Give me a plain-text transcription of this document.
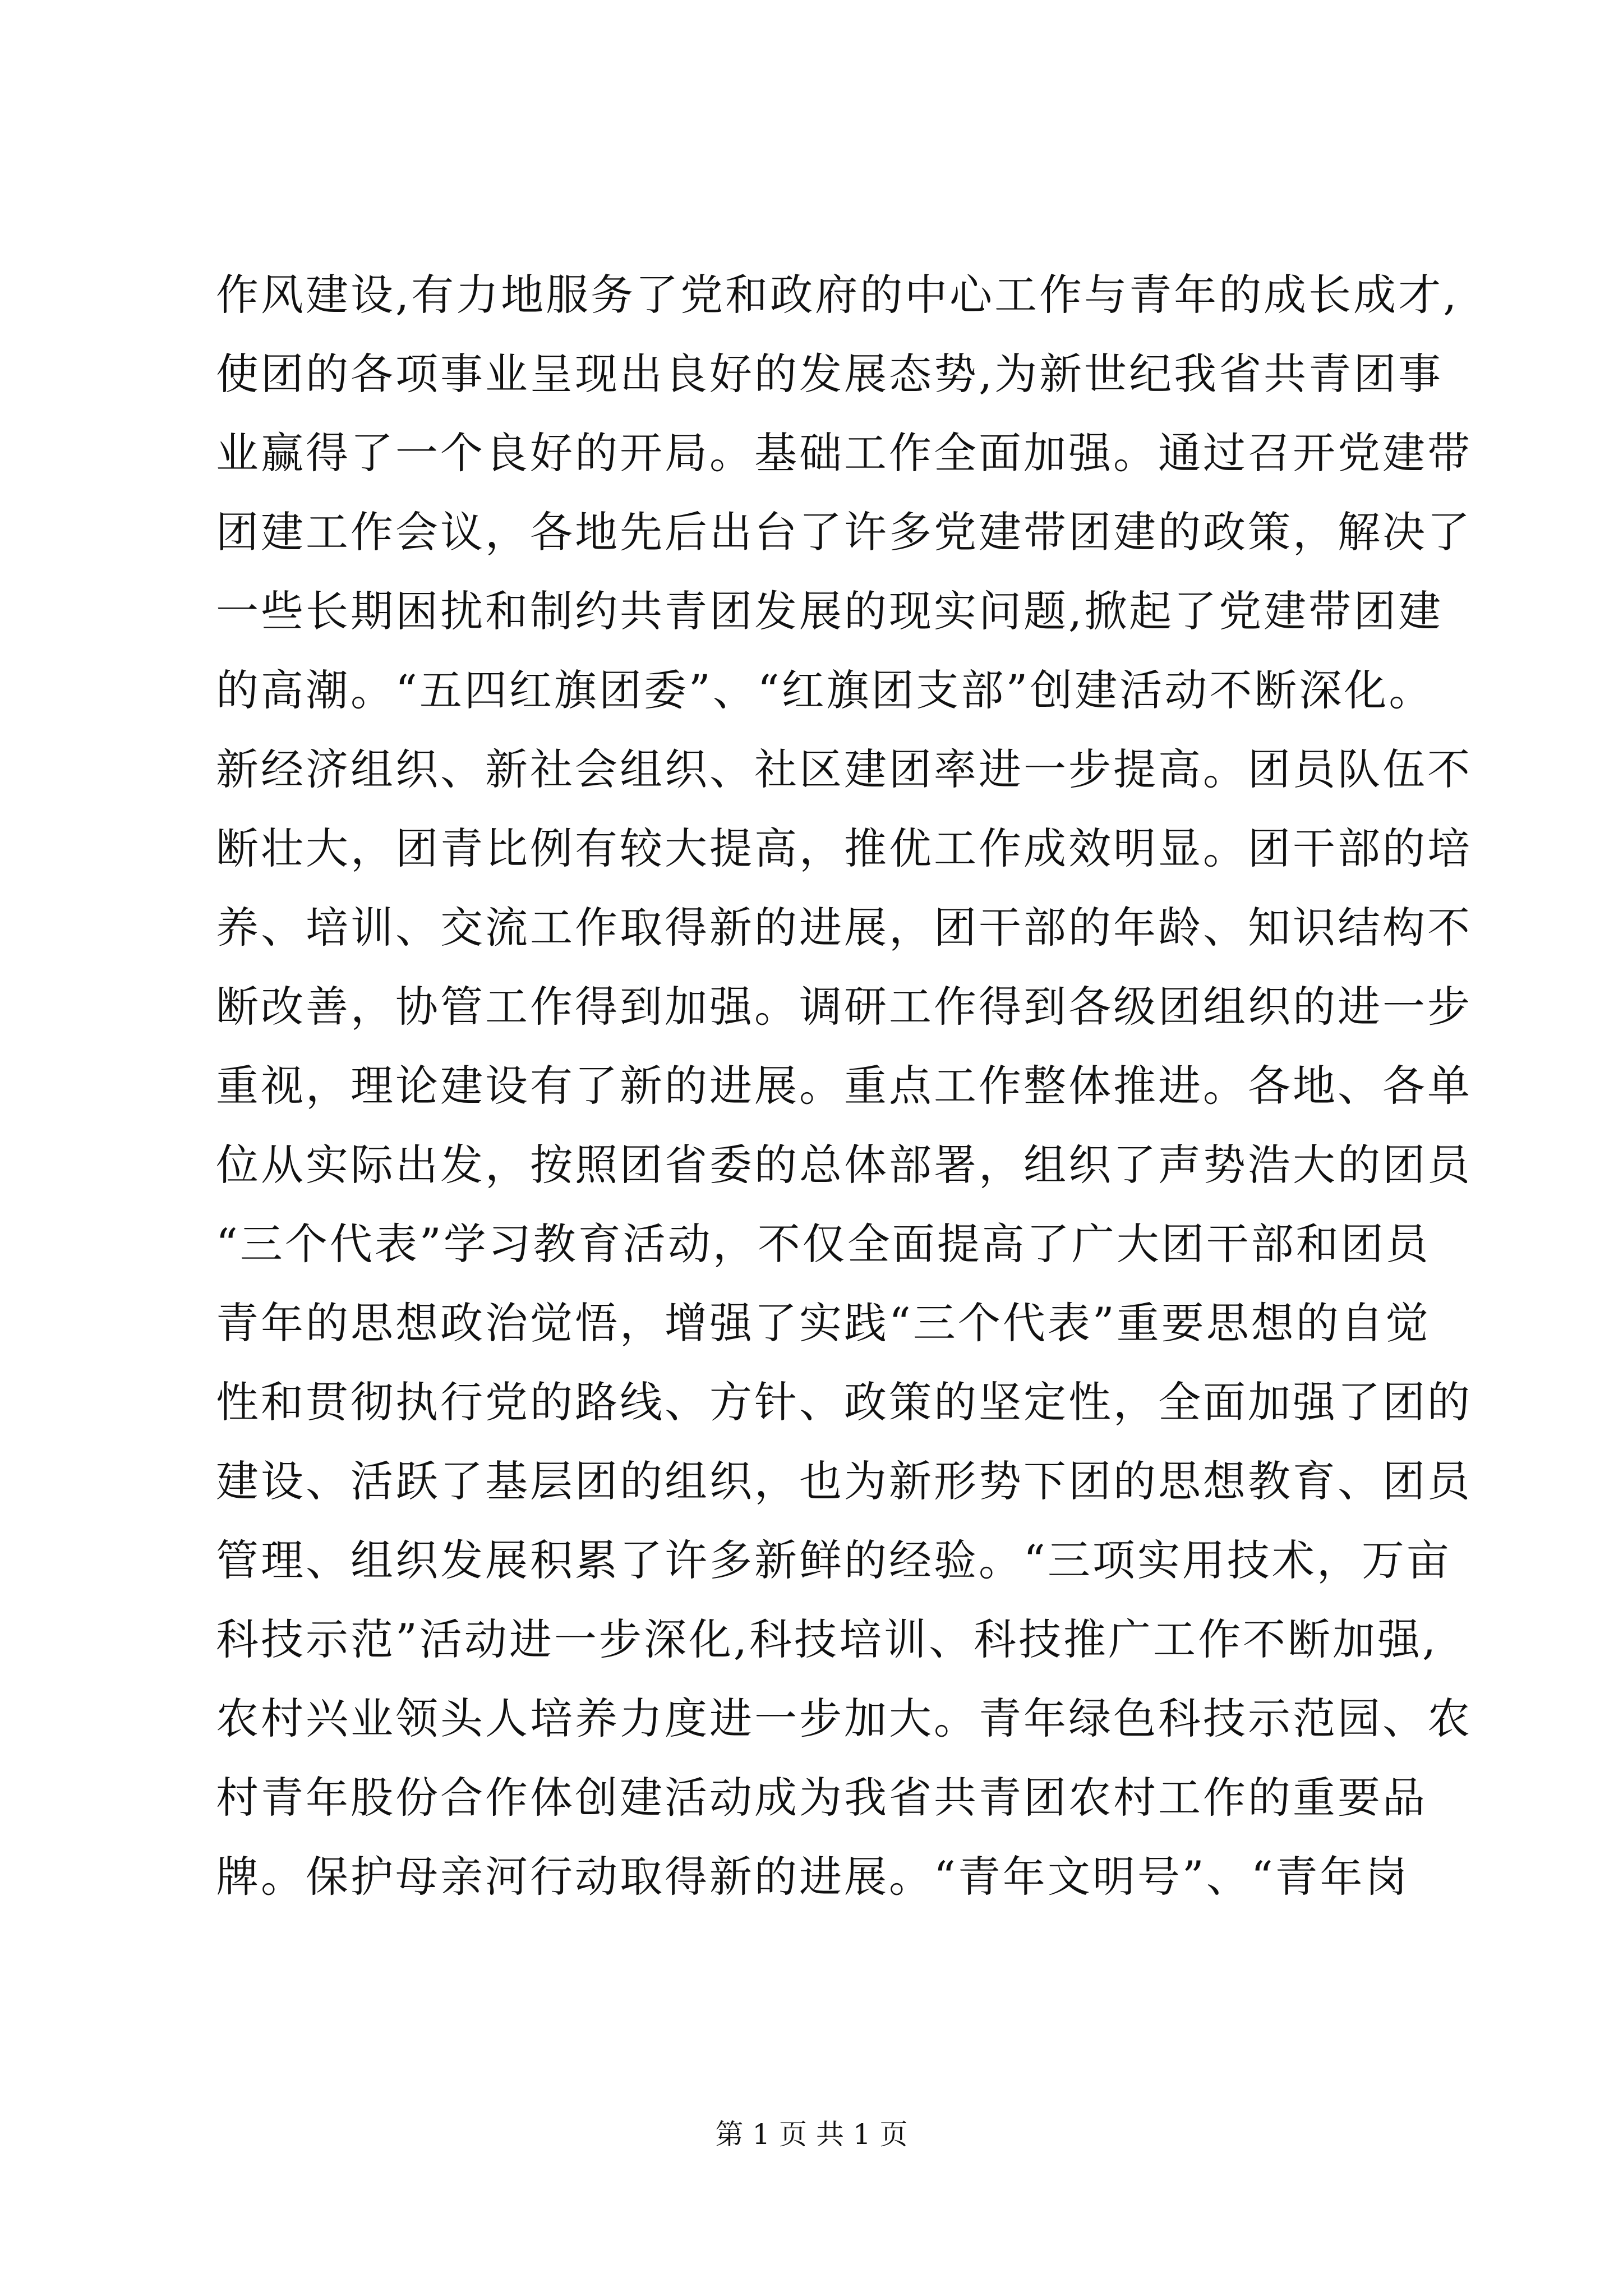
作风建设,有力地服务了党和政府的中心工作与青年的成长成才,
使团的各项事业呈现出良好的发展态势,为新世纪我省共青团事
业赢得了一个良好的开局。基础工作全面加强。通过召开党建带
团建工作会议，各地先后出台了许多党建带团建的政策，解决了
一些长期困扰和制约共青团发展的现实问题,掀起了党建带团建
的高潮。“五四红旗团委”、“红旗团支部”创建活动不断深化。
新经济组织、新社会组织、社区建团率进一步提高。团员队伍不
断壮大，团青比例有较大提高，推优工作成效明显。团干部的培
养、培训、交流工作取得新的进展，团干部的年龄、知识结构不
断改善，协管工作得到加强。调研工作得到各级团组织的进一步
重视，理论建设有了新的进展。重点工作整体推进。各地、各单
位从实际出发，按照团省委的总体部署，组织了声势浩大的团员
“三个代表”学习教育活动，不仅全面提高了广大团干部和团员
青年的思想政治觉悟，增强了实践“三个代表”重要思想的自觉
性和贯彻执行党的路线、方针、政策的坚定性，全面加强了团的
建设、活跃了基层团的组织，也为新形势下团的思想教育、团员
管理、组织发展积累了许多新鲜的经验。“三项实用技术，万亩
科技示范”活动进一步深化,科技培训、科技推广工作不断加强,
农村兴业领头人培养力度进一步加大。青年绿色科技示范园、农
村青年股份合作体创建活动成为我省共青团农村工作的重要品
牌。保护母亲河行动取得新的进展。“青年文明号”、“青年岗
第 1 页 共 1 页
